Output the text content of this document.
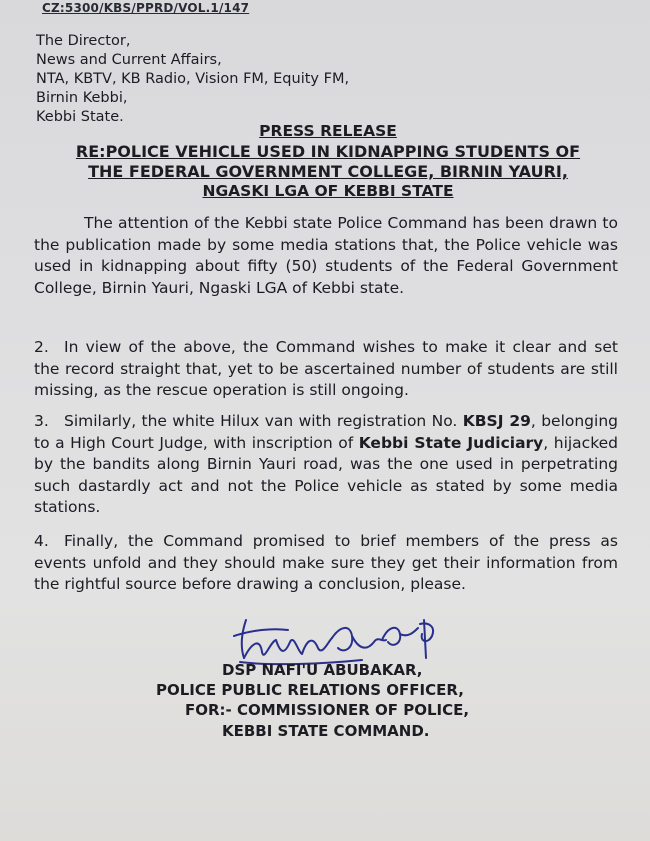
CZ:5300/KBS/PPRD/VOL.1/147
The Director,
News and Current Affairs,
NTA, KBTV, KB Radio, Vision FM, Equity FM,
Birnin Kebbi,
Kebbi State.
PRESS RELEASE
RE:POLICE VEHICLE USED IN KIDNAPPING STUDENTS OF
THE FEDERAL GOVERNMENT COLLEGE, BIRNIN YAURI,
NGASKI LGA OF KEBBI STATE
The attention of the Kebbi state Police Command has been drawn to the publication made by some media stations that, the Police vehicle was used in kidnapping about fifty (50) students of the Federal Government College, Birnin Yauri, Ngaski LGA of Kebbi state.
2. In view of the above, the Command wishes to make it clear and set the record straight that, yet to be ascertained number of students are still missing, as the rescue operation is still ongoing.
3. Similarly, the white Hilux van with registration No. KBSJ 29, belonging to a High Court Judge, with inscription of Kebbi State Judiciary, hijacked by the bandits along Birnin Yauri road, was the one used in perpetrating such dastardly act and not the Police vehicle as stated by some media stations.
4. Finally, the Command promised to brief members of the press as events unfold and they should make sure they get their information from the rightful source before drawing a conclusion, please.
DSP NAFI'U ABUBAKAR,
POLICE PUBLIC RELATIONS OFFICER,
FOR:- COMMISSIONER OF POLICE,
KEBBI STATE COMMAND.
